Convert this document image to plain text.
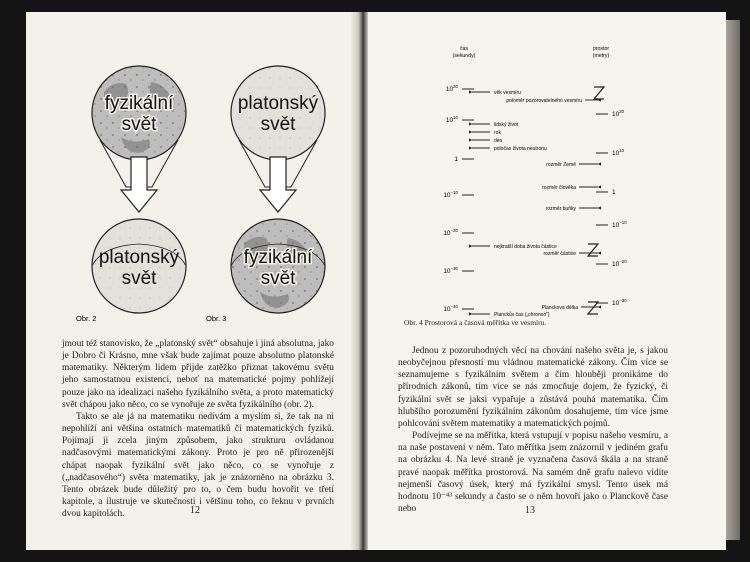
fyzikální
svět
platonský
svět
Obr. 2
platonský
svět
fyzikální
svět
Obr. 3

jmout též stanovisko, že „platonský svět“ obsahuje i jiná absolutna, jako je Dobro či Krásno, mne však bude zajímat pouze absolutno platonské matematiky. Některým lidem přijde zatěžko přiznat takovému světu jeho samostatnou existenci, neboť na matematické pojmy pohlížejí pouze jako na idealizaci našeho fyzikálního světa, a proto matematický svět chápou jako něco, co se vynořuje ze světa fyzikálního (obr. 2).

Takto se ale já na matematiku nedívám a myslím si, že tak na ni nepohlíží ani většina ostatních matematiků či matematických fyziků. Pojímají ji zcela jiným způsobem, jako strukturu ovládanou nadčasovými matematickými zákony. Proto je pro ně přirozenější chápat naopak fyzikální svět jako něco, co se vynořuje z („nadčasového“) světa matematiky, jak je znázorněno na obrázku 3. Tento obrázek bude důležitý pro to, o čem budu hovořit ve třetí kapitole, a ilustruje ve skutečnosti i většinu toho, co řeknu v prvních dvou kapitolách.	12
čas
(sekundy)
prostor
(metry)
$10^{20}$
$10^{10}$
1
$10^{-10}$
$10^{-20}$
$10^{-30}$
$10^{-40}$
$10^{20}$
$10^{10}$
1
$10^{-10}$
$10^{-20}$
$10^{-30}$
věk vesmíru
lidský život
rok
den
poločas života neutronu
nejkratší doba života částice
Planckův čas („chronon“)
poloměr pozorovatelného vesmíru
rozměr Země
rozměr člověka
rozměr buňky
rozměr částice
Planckova délka
Obr. 4 Prostorová a časová měřítka ve vesmíru.

Jednou z pozoruhodných věcí na chování našeho světa je, s jakou neobyčejnou přesností mu vládnou matematické zákony. Čím více se seznamujeme s fyzikálním světem a čím hlouběji pronikáme do přírodních zákonů, tím více se nás zmocňuje dojem, že fyzický, či fyzikální svět se jaksi vypařuje a zůstává pouhá matematika. Čím hlubšího porozumění fyzikálním zákonům dosahujeme, tím více jsme pohlcováni světem matematiky a matematických pojmů.

Podívejme se na měřítka, která vstupují v popisu našeho vesmíru, a na naše postavení v něm. Tato měřítka jsem znázornil v jediném grafu na obrázku 4. Na levé straně je vyznačena časová škála a na straně pravé naopak měřítka prostorová. Na samém dně grafu nalevo vidíte nejmenší časový úsek, který má fyzikální smysl. Tento úsek má hodnotu 10⁻⁴³ sekundy a často se o něm hovoří jako o Planckově čase nebo	13
